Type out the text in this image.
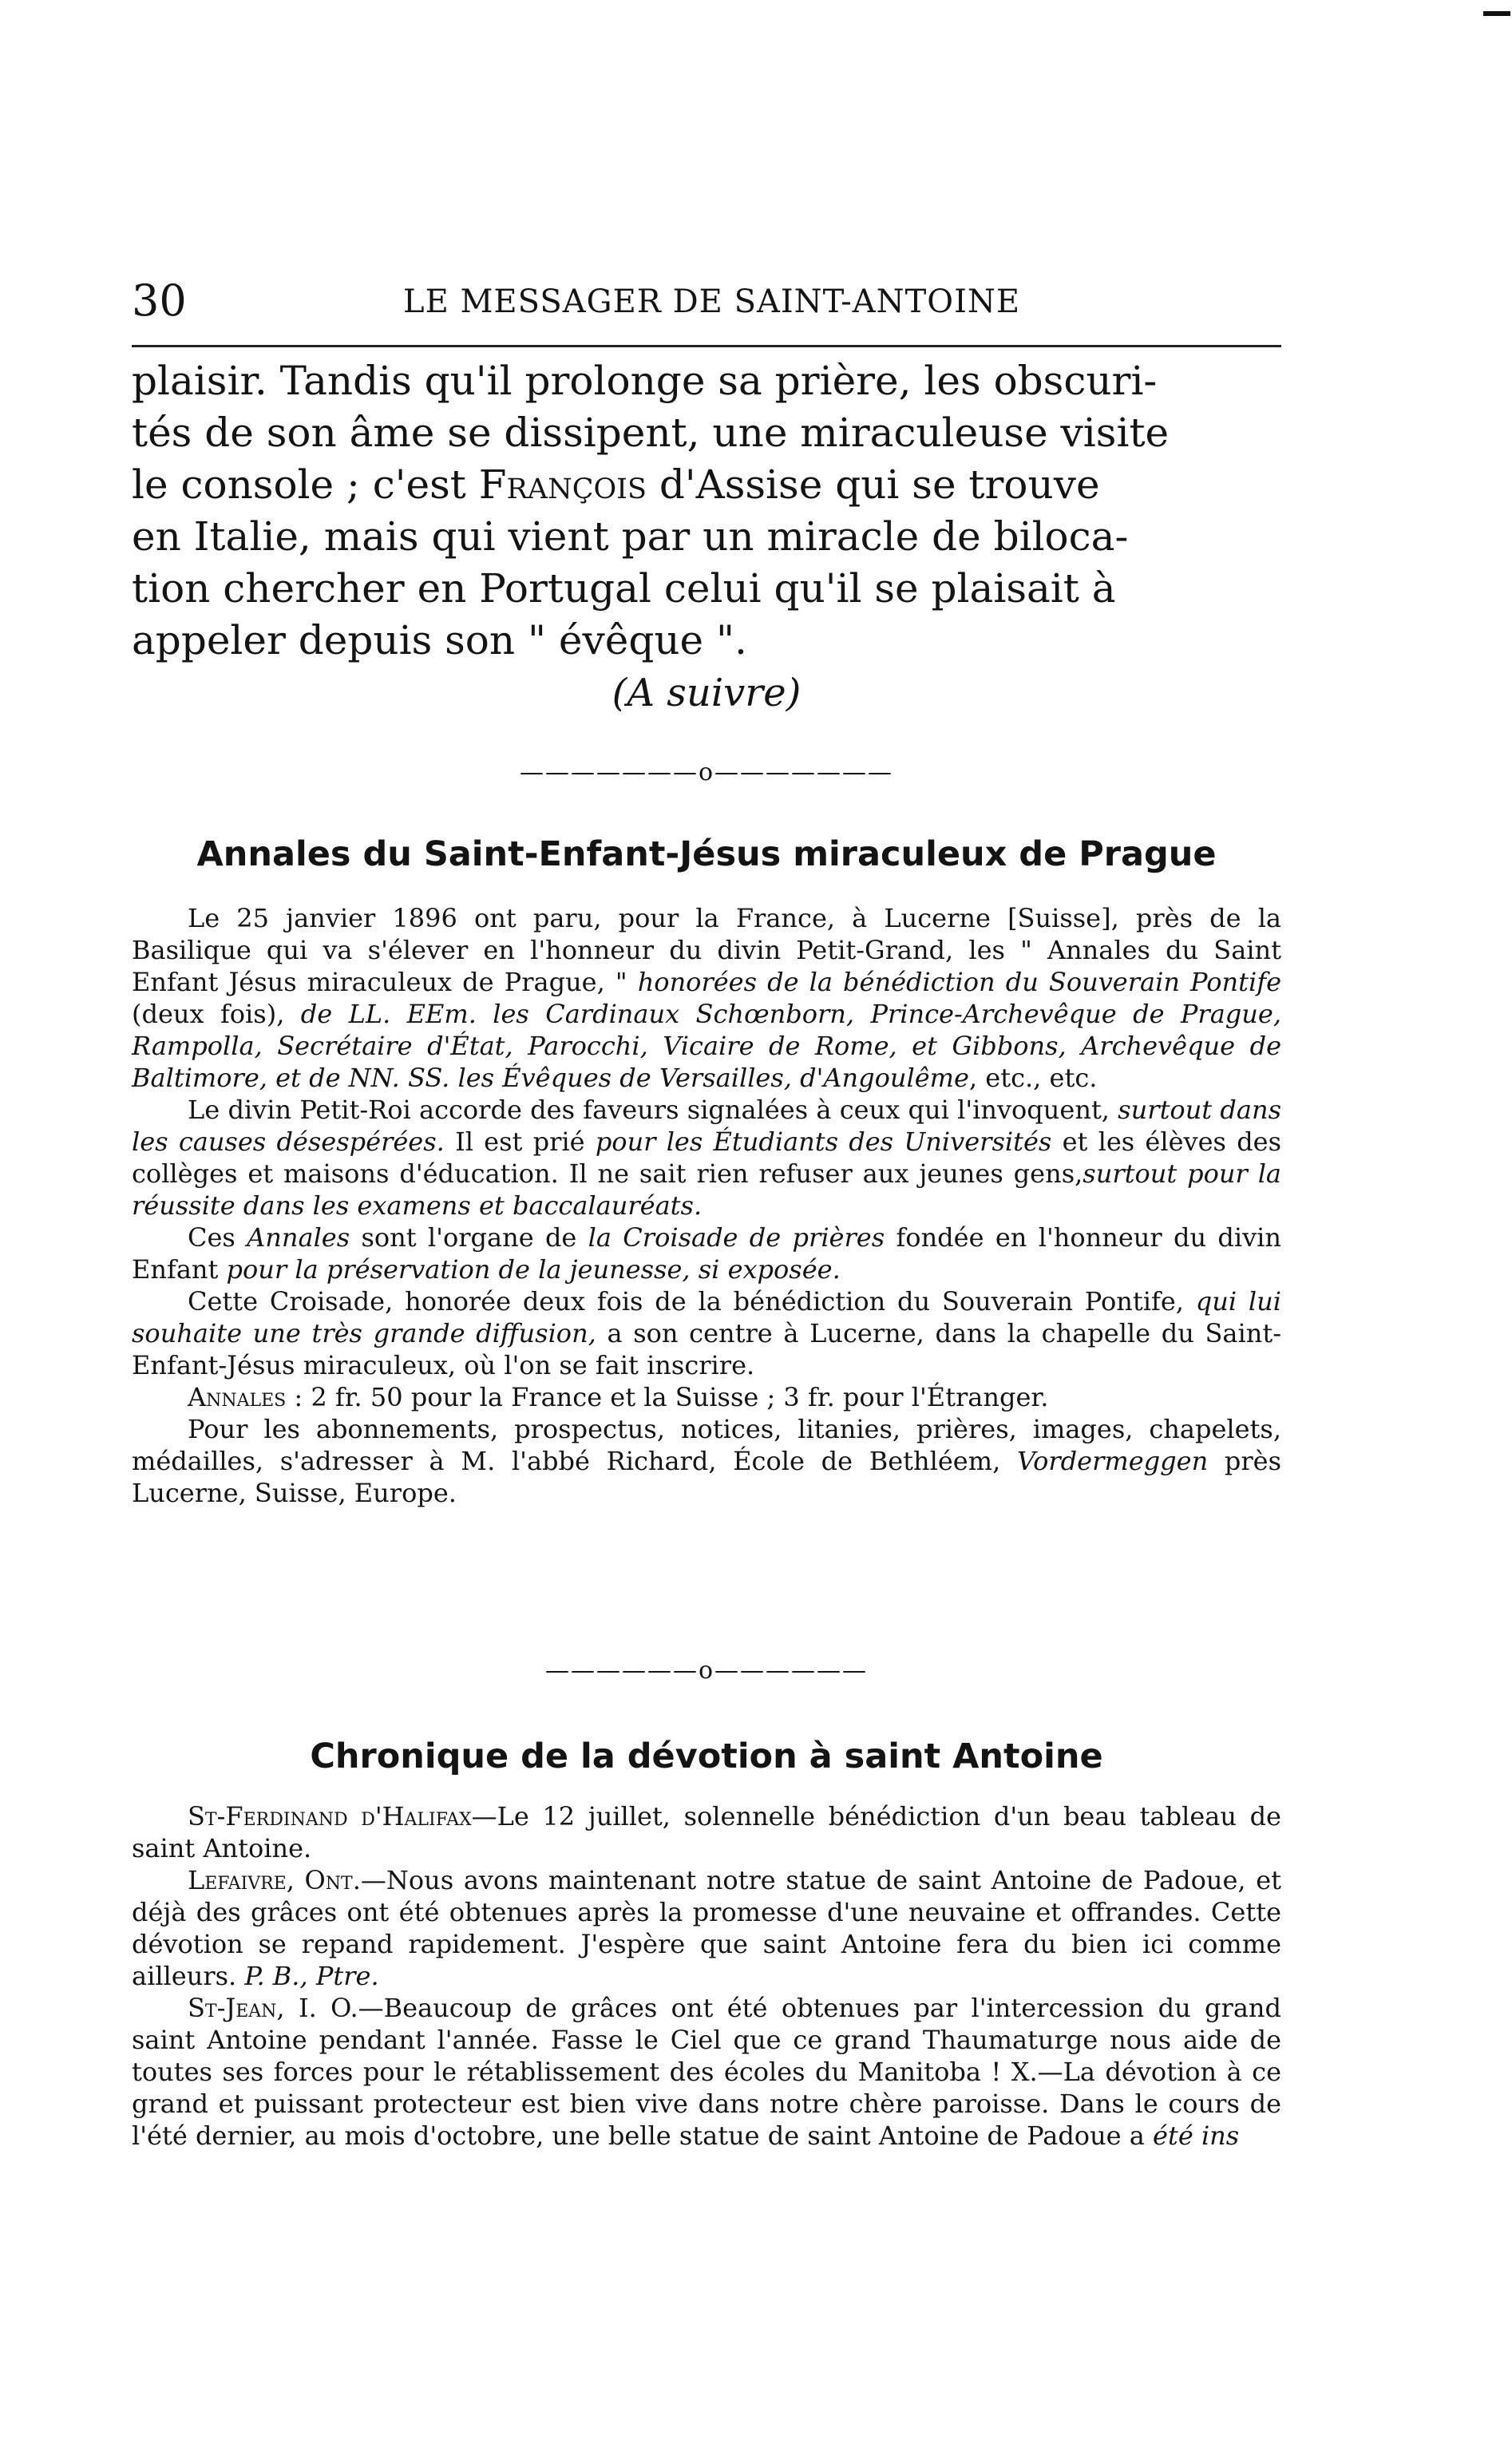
30	LE MESSAGER DE SAINT-ANTOINE

plaisir. Tandis qu'il prolonge sa prière, les obscuri-

tés de son âme se dissipent, une miraculeuse visite

le console ; c'est François d'Assise qui se trouve

en Italie, mais qui vient par un miracle de biloca-

tion chercher en Portugal celui qu'il se plaisait à

appeler depuis son " évêque ".

(A suivre)
———————o———————
Annales du Saint-Enfant-Jésus miraculeux de Prague

Le 25 janvier 1896 ont paru, pour la France, à Lucerne [Suisse], près de la Basilique qui va s'élever en l'honneur du divin Petit-Grand, les " Annales du Saint Enfant Jésus miraculeux de Prague, " honorées de la bénédiction du Souverain Pontife (deux fois), de LL. EEm. les Cardinaux Schœnborn, Prince-Archevêque de Prague, Rampolla, Secrétaire d'État, Parocchi, Vicaire de Rome, et Gibbons, Archevêque de Baltimore, et de NN. SS. les Évêques de Versailles, d'Angoulême, etc., etc.

Le divin Petit-Roi accorde des faveurs signalées à ceux qui l'invoquent, surtout dans les causes désespérées. Il est prié pour les Étudiants des Universités et les élèves des collèges et maisons d'éducation. Il ne sait rien refuser aux jeunes gens,surtout pour la réussite dans les examens et baccalauréats.

Ces Annales sont l'organe de la Croisade de prières fondée en l'honneur du divin Enfant pour la préservation de la jeunesse, si exposée.

Cette Croisade, honorée deux fois de la bénédiction du Souverain Pontife, qui lui souhaite une très grande diffusion, a son centre à Lucerne, dans la chapelle du Saint-Enfant-Jésus miraculeux, où l'on se fait inscrire.

Annales : 2 fr. 50 pour la France et la Suisse ; 3 fr. pour l'Étranger.

Pour les abonnements, prospectus, notices, litanies, prières, images, chapelets, médailles, s'adresser à M. l'abbé Richard, École de Bethléem, Vordermeggen près Lucerne, Suisse, Europe.

——————o——————
Chronique de la dévotion à saint Antoine

St-Ferdinand d'Halifax—Le 12 juillet, solennelle bénédiction d'un beau tableau de saint Antoine.

Lefaivre, Ont.—Nous avons maintenant notre statue de saint Antoine de Padoue, et déjà des grâces ont été obtenues après la promesse d'une neuvaine et offrandes. Cette dévotion se repand rapidement. J'espère que saint Antoine fera du bien ici comme ailleurs. P. B., Ptre.

St-Jean, I. O.—Beaucoup de grâces ont été obtenues par l'intercession du grand saint Antoine pendant l'année. Fasse le Ciel que ce grand Thaumaturge nous aide de toutes ses forces pour le rétablissement des écoles du Manitoba ! X.—La dévotion à ce grand et puissant protecteur est bien vive dans notre chère paroisse. Dans le cours de l'été dernier, au mois d'octobre, une belle statue de saint Antoine de Padoue a été ins
